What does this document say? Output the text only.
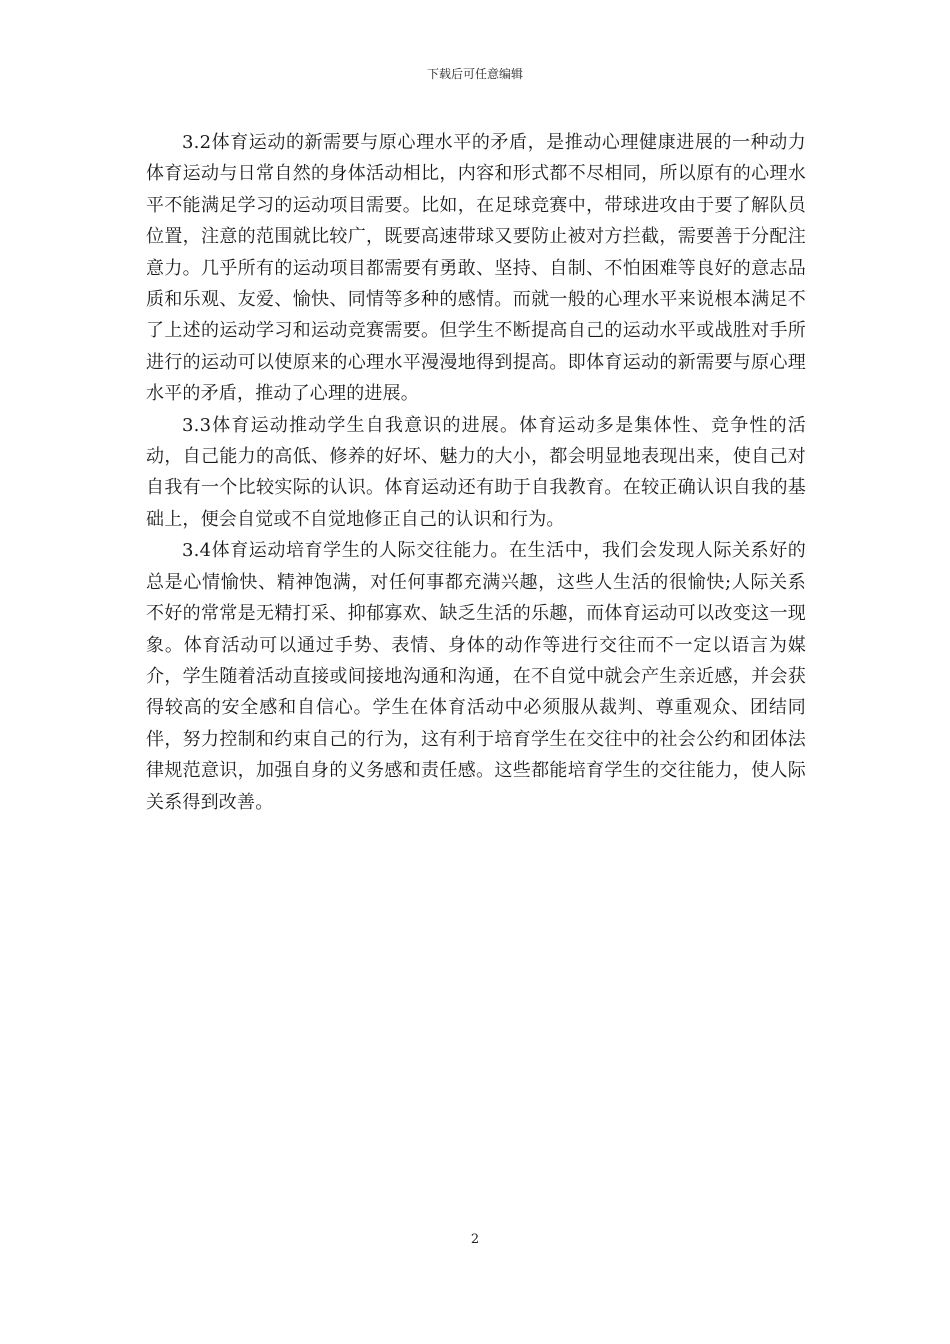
下载后可任意编辑

3.2体育运动的新需要与原心理水平的矛盾，是推动心理健康进展的一种动力体育运动与日常自然的身体活动相比，内容和形式都不尽相同，所以原有的心理水平不能满足学习的运动项目需要。比如，在足球竞赛中，带球进攻由于要了解队员位置，注意的范围就比较广，既要高速带球又要防止被对方拦截，需要善于分配注意力。几乎所有的运动项目都需要有勇敢、坚持、自制、不怕困难等良好的意志品质和乐观、友爱、愉快、同情等多种的感情。而就一般的心理水平来说根本满足不了上述的运动学习和运动竞赛需要。但学生不断提高自己的运动水平或战胜对手所进行的运动可以使原来的心理水平漫漫地得到提高。即体育运动的新需要与原心理水平的矛盾，推动了心理的进展。

3.3体育运动推动学生自我意识的进展。体育运动多是集体性、竞争性的活动，自己能力的高低、修养的好坏、魅力的大小，都会明显地表现出来，使自己对自我有一个比较实际的认识。体育运动还有助于自我教育。在较正确认识自我的基础上，便会自觉或不自觉地修正自己的认识和行为。

3.4体育运动培育学生的人际交往能力。在生活中，我们会发现人际关系好的总是心情愉快、精神饱满，对任何事都充满兴趣，这些人生活的很愉快;人际关系不好的常常是无精打采、抑郁寡欢、缺乏生活的乐趣，而体育运动可以改变这一现象。体育活动可以通过手势、表情、身体的动作等进行交往而不一定以语言为媒介，学生随着活动直接或间接地沟通和沟通，在不自觉中就会产生亲近感，并会获得较高的安全感和自信心。学生在体育活动中必须服从裁判、尊重观众、团结同伴，努力控制和约束自己的行为，这有利于培育学生在交往中的社会公约和团体法律规范意识，加强自身的义务感和责任感。这些都能培育学生的交往能力，使人际关系得到改善。

2
